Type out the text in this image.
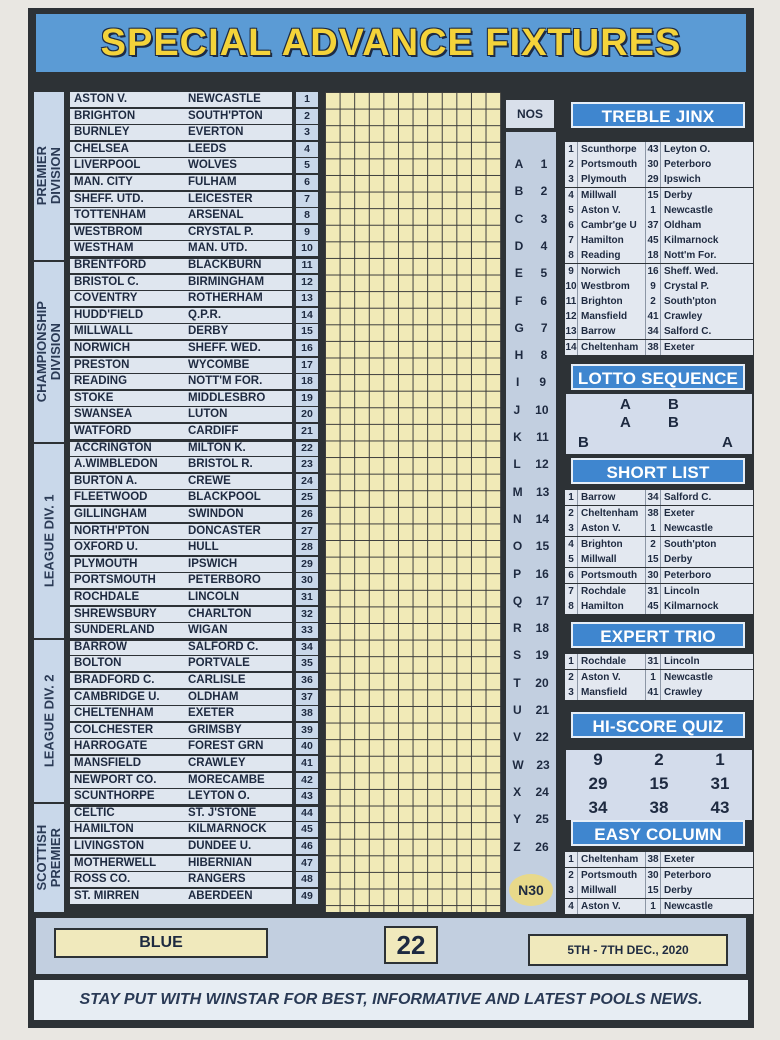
SPECIAL ADVANCE FIXTURES
PREMIER
DIVISION
CHAMPIONSHIP
DIVISION
LEAGUE DIV. 1
LEAGUE DIV. 2
SCOTTISH
PREMIER
NOS
N30
TREBLE JINX
LOTTO SEQUENCE
A B
A B
B	A
SHORT LIST
EXPERT TRIO
HI-SCORE QUIZ
9	2	1
29	15	31
34	38	43
EASY COLUMN
BLUE	22	5TH - 7TH DEC., 2020
STAY PUT WITH WINSTAR FOR BEST, INFORMATIVE AND LATEST POOLS NEWS.
ASTON V.	NEWCASTLE	1
BRIGHTON	SOUTH'PTON	2
BURNLEY	EVERTON	3
CHELSEA	LEEDS	4
LIVERPOOL	WOLVES	5
MAN. CITY	FULHAM	6
SHEFF. UTD.	LEICESTER	7
TOTTENHAM	ARSENAL	8
WESTBROM	CRYSTAL P.	9
WESTHAM	MAN. UTD.	10
BRENTFORD	BLACKBURN	11
BRISTOL C.	BIRMINGHAM	12
COVENTRY	ROTHERHAM	13
HUDD'FIELD	Q.P.R.	14
MILLWALL	DERBY	15
NORWICH	SHEFF. WED.	16
PRESTON	WYCOMBE	17
READING	NOTT'M FOR.	18
STOKE	MIDDLESBRO	19
SWANSEA	LUTON	20
WATFORD	CARDIFF	21
ACCRINGTON	MILTON K.	22
A.WIMBLEDON	BRISTOL R.	23
BURTON A.	CREWE	24
FLEETWOOD	BLACKPOOL	25
GILLINGHAM	SWINDON	26
NORTH'PTON	DONCASTER	27
OXFORD U.	HULL	28
PLYMOUTH	IPSWICH	29
PORTSMOUTH	PETERBORO	30
ROCHDALE	LINCOLN	31
SHREWSBURY	CHARLTON	32
SUNDERLAND	WIGAN	33
BARROW	SALFORD C.	34
BOLTON	PORTVALE	35
BRADFORD C.	CARLISLE	36
CAMBRIDGE U.	OLDHAM	37
CHELTENHAM	EXETER	38
COLCHESTER	GRIMSBY	39
HARROGATE	FOREST GRN	40
MANSFIELD	CRAWLEY	41
NEWPORT CO.	MORECAMBE	42
SCUNTHORPE	LEYTON O.	43
CELTIC	ST. J'STONE	44
HAMILTON	KILMARNOCK	45
LIVINGSTON	DUNDEE U.	46
MOTHERWELL	HIBERNIAN	47
ROSS CO.	RANGERS	48
ST. MIRREN	ABERDEEN	49
A 1
B 2
C 3
D 4
E 5
F 6
G 7
H 8
I 9
J 10
K 11
L 12
M 13
N 14
O 15
P 16
Q 17
R 18
S 19
T 20
U 21
V 22
W 23
X 24
Y 25
Z 26
1 Scunthorpe	43 Leyton O.
2 Portsmouth	30 Peterboro
3 Plymouth	29 Ipswich
4 Millwall	15 Derby
5 Aston V.	1 Newcastle
6 Cambr'ge U	37 Oldham
7 Hamilton	45 Kilmarnock
8 Reading	18 Nott'm For.
9 Norwich	16 Sheff. Wed.
10 Westbrom	9 Crystal P.
11 Brighton	2 South'pton
12 Mansfield	41 Crawley
13 Barrow	34 Salford C.
14 Cheltenham 38 Exeter
1 Barrow	34 Salford C.
2 Cheltenham 38 Exeter
3 Aston V.	1 Newcastle
4 Brighton	2 South'pton
5 Millwall	15 Derby
6 Portsmouth	30 Peterboro
7 Rochdale	31 Lincoln
8 Hamilton	45 Kilmarnock
1 Rochdale	31 Lincoln
2 Aston V.	1 Newcastle
3 Mansfield	41 Crawley
1 Cheltenham 38 Exeter
2 Portsmouth	30 Peterboro
3 Millwall	15 Derby
4 Aston V.	1 Newcastle
